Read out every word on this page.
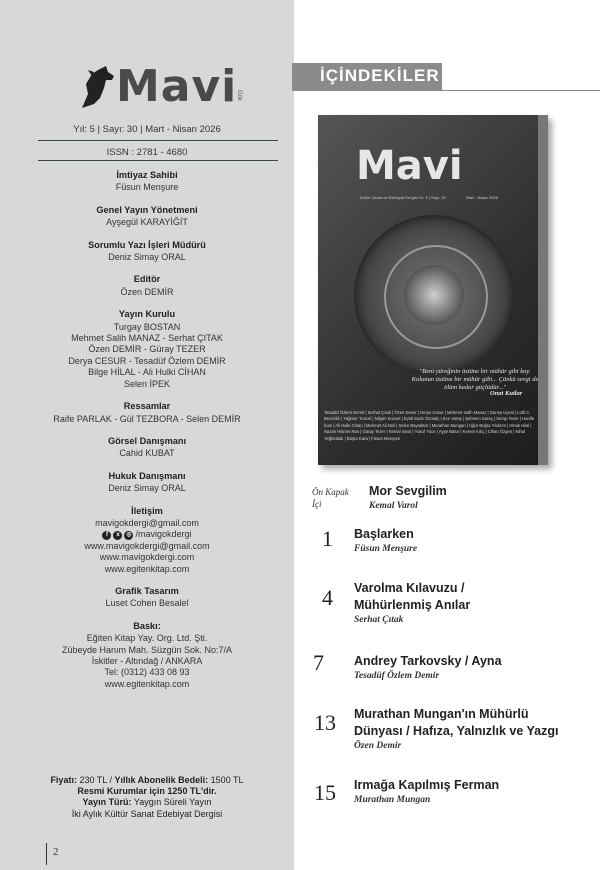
Mavi
Gök
Yıl: 5 | Sayı: 30 | Mart - Nisan 2026
ISSN : 2781 - 4680
İmtiyaz Sahibi
Füsun Menşure
Genel Yayın Yönetmeni
Ayşegül KARAYİĞİT
Sorumlu Yazı İşleri Müdürü
Deniz Simay ORAL
Editör
Özen DEMİR
Yayın Kurulu
Turgay BOSTAN
Mehmet Salih MANAZ - Serhat ÇITAK
Özen DEMİR - Güray TEZER
Derya CESUR - Tesadüf Özlem DEMİR
Bilge HİLAL - Ali Hulki CİHAN
Selen İPEK
Ressamlar
Raife PARLAK - Gül TEZBORA - Selen DEMİR
Görsel Danışmanı
Cahid KUBAT
Hukuk Danışmanı
Deniz Simay ORAL
İletişim
mavigokdergi@gmail.com
f	x	◎ /mavigokdergi
www.mavigokdergi@gmail.com
www.mavigokdergi.com
www.egitenkitap.com
Grafik Tasarım
Luset Cohen Besalel
Baskı:
Eğiten Kitap Yay. Org. Ltd. Şti.
Zübeyde Hanım Mah. Süzgün Sok. No:7/A
İskitler - Altındağ / ANKARA
Tel: (0312) 433 08 93
www.egitenkitap.com
Fiyatı: 230 TL / Yıllık Abonelik Bedeli: 1500 TL
Resmi Kurumlar için 1250 TL'dir.
Yayın Türü: Yaygın Süreli Yayın
İki Aylık Kültür Sanat Edebiyat Dergisi
2
İÇİNDEKİLER
Mavi
Kültür Sanat ve Edebiyat Dergisi Yıl: 5 | Sayı: 30	Mart - Nisan 2026
"Beni yüreğinin üstüne bir mühür gibi koy. Kolunun üstüne bir mühür gibi... Çünkü sevgi de ölüm kadar güçlüdür..."
Onat Kutlar
Tesadüf Özlem Demir | Serhat Çıtak | Özen Demir | Deryn Cesur | Mehmet Salih Manaz | Güneş Uysal | Lütfi C. Beceriklı | Yağmur Tuncel | Nilgün Kuvvet | Eylül Sude Özmalç | Ece Varaş | Şebnem Saraç | Serap Tezer | Hanife İnan | Ali Hulki Cihan | Mehmet Ali Deli | Selen Bayraktar | Murathan Mungan | Uğur Buğra Yıldırım | Irmak Hilal | Nazım Hikmet Ran | Güray Tezer | Kemal Varol | Yusuf Yüce | Ayşe Batur | Kerem Kılıç | Cihan Özgen | Nihal Yeğinobalı | Büşra Kara | Füsun Menşure
Ön Kapak İçi
Mor Sevgilim
Kemal Varol
1 Başlarken
Füsun Menşure
4 Varolma Kılavuzu /
Mühürlenmiş Anılar
Serhat Çıtak
7 Andrey Tarkovsky / Ayna
Tesadüf Özlem Demir
13 Murathan Mungan'ın Mühürlü
Dünyası / Hafıza, Yalnızlık ve Yazgı
Özen Demir
15 Irmağa Kapılmış Ferman
Murathan Mungan
